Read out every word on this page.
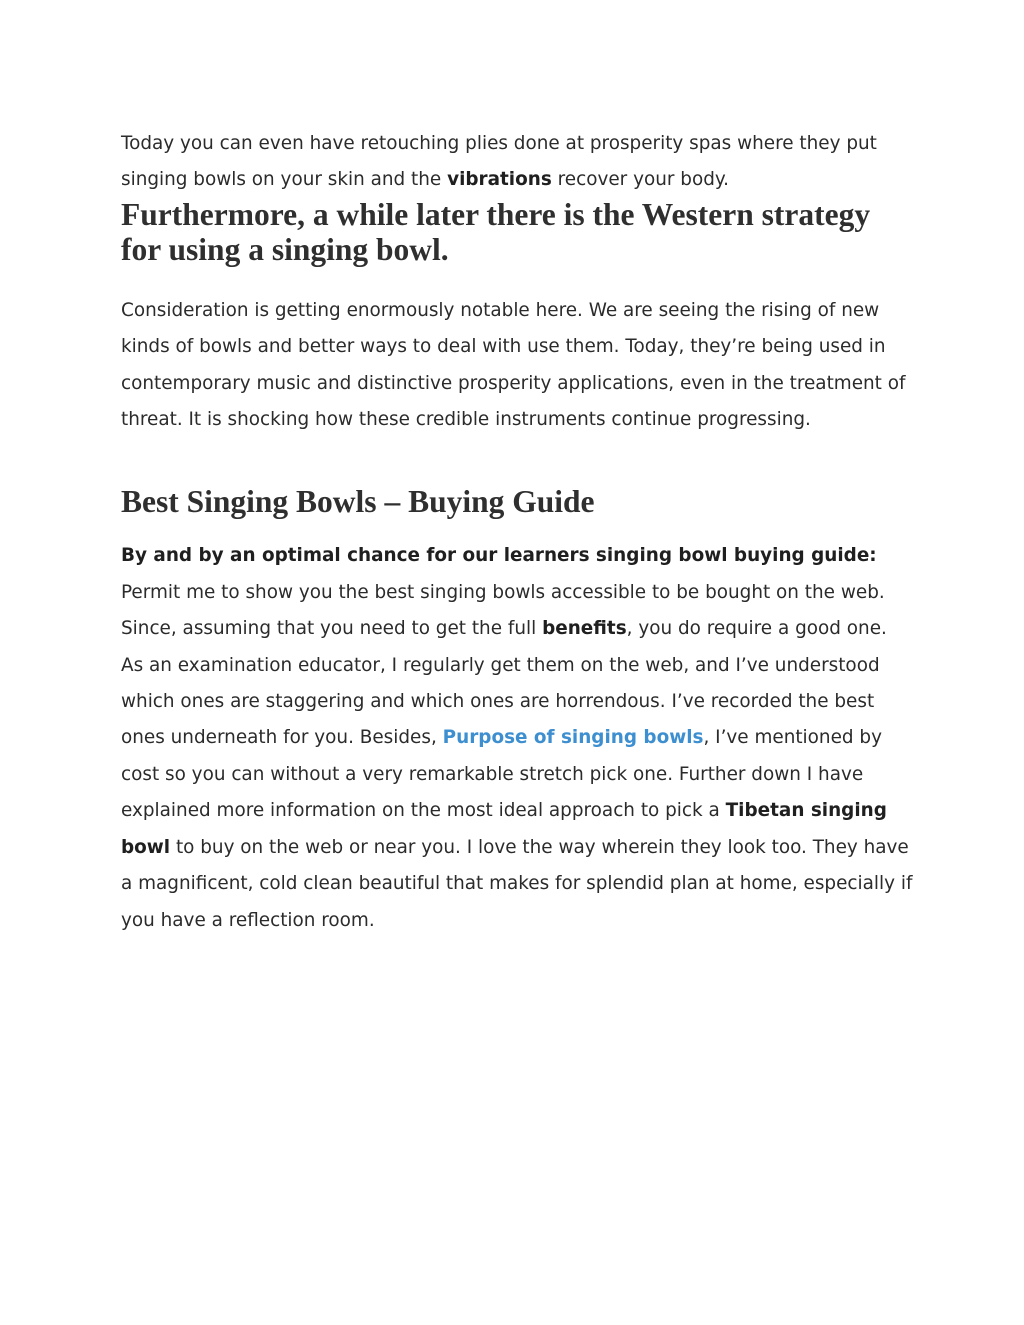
Today you can even have retouching plies done at prosperity spas where they put singing bowls on your skin and the vibrations recover your body.

Furthermore, a while later there is the Western strategy for using a singing bowl.

Consideration is getting enormously notable here. We are seeing the rising of new kinds of bowls and better ways to deal with use them. Today, they’re being used in contemporary music and distinctive prosperity applications, even in the treatment of threat. It is shocking how these credible instruments continue progressing.

Best Singing Bowls – Buying Guide

By and by an optimal chance for our learners singing bowl buying guide:
Permit me to show you the best singing bowls accessible to be bought on the web. Since, assuming that you need to get the full benefits, you do require a good one. As an examination educator, I regularly get them on the web, and I’ve understood which ones are staggering and which ones are horrendous. I’ve recorded the best ones underneath for you. Besides, Purpose of singing bowls, I’ve mentioned by cost so you can without a very remarkable stretch pick one. Further down I have explained more information on the most ideal approach to pick a Tibetan singing bowl to buy on the web or near you. I love the way wherein they look too. They have a magnificent, cold clean beautiful that makes for splendid plan at home, especially if you have a reflection room.
